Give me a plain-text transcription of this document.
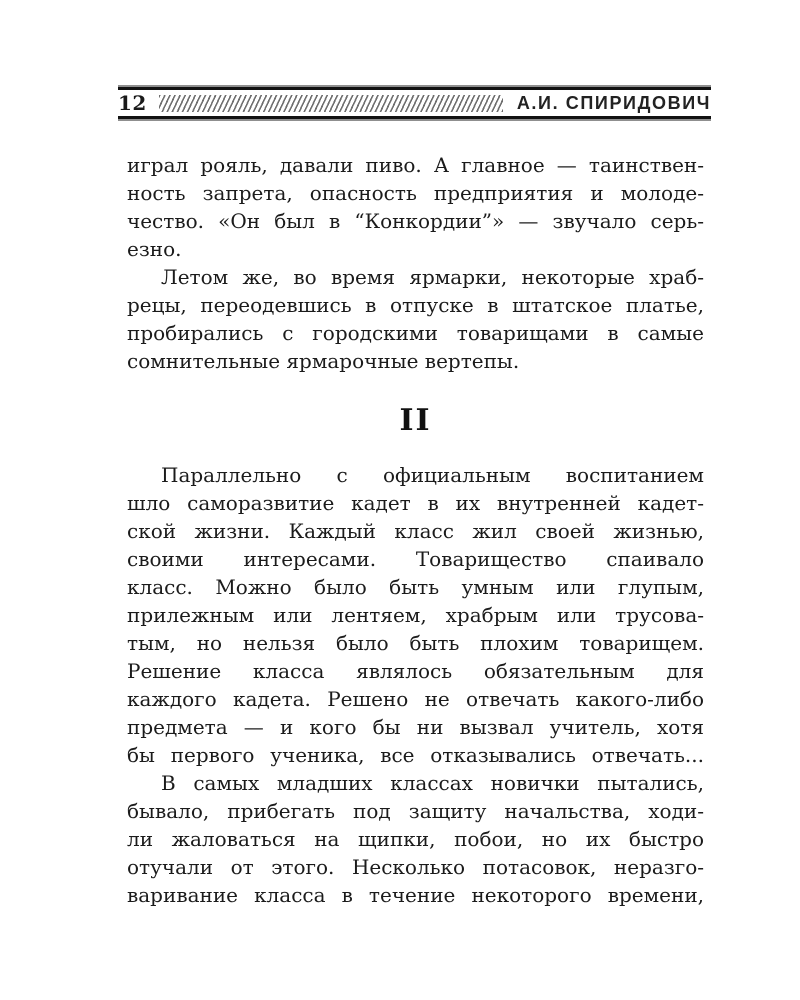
12	А.И. СПИРИДОВИЧ
играл рояль, давали пиво. А главное — таинствен-
ность запрета, опасность предприятия и молоде-
чество. «Он был в “Конкордии”» — звучало серь-
езно.
Летом же, во время ярмарки, некоторые храб-
рецы, переодевшись в отпуске в штатское платье,
пробирались с городскими товарищами в самые
сомнительные ярмарочные вертепы.
II
Параллельно с официальным воспитанием
шло саморазвитие кадет в их внутренней кадет-
ской жизни. Каждый класс жил своей жизнью,
своими интересами. Товарищество спаивало
класс. Можно было быть умным или глупым,
прилежным или лентяем, храбрым или трусова-
тым, но нельзя было быть плохим товарищем.
Решение класса являлось обязательным для
каждого кадета. Решено не отвечать какого-либо
предмета — и кого бы ни вызвал учитель, хотя
бы первого ученика, все отказывались отвечать...
В самых младших классах новички пытались,
бывало, прибегать под защиту начальства, ходи-
ли жаловаться на щипки, побои, но их быстро
отучали от этого. Несколько потасовок, неразго-
варивание класса в течение некоторого времени,
